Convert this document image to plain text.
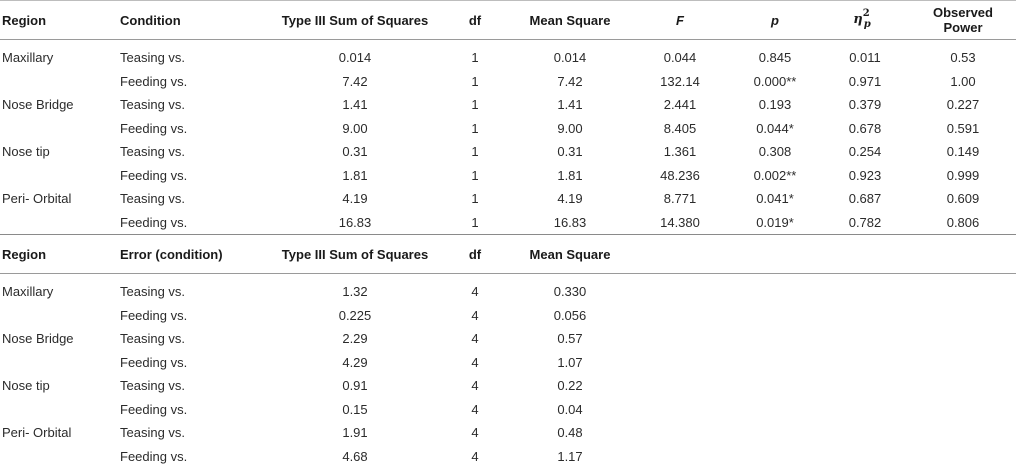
Region	Condition	Type III Sum of Squares	df	Mean Square	F	p	$\eta^2_p$	Observed Power

Maxillary	Teasing vs.	0.014	1	0.014	0.044	0.845	0.011	0.53
	Feeding vs.	7.42	1	7.42	132.14	0.000**	0.971	1.00
Nose Bridge	Teasing vs.	1.41	1	1.41	2.441	0.193	0.379	0.227
	Feeding vs.	9.00	1	9.00	8.405	0.044*	0.678	0.591
Nose tip	Teasing vs.	0.31	1	0.31	1.361	0.308	0.254	0.149
	Feeding vs.	1.81	1	1.81	48.236	0.002**	0.923	0.999
Peri- Orbital	Teasing vs.	4.19	1	4.19	8.771	0.041*	0.687	0.609
	Feeding vs.	16.83	1	16.83	14.380	0.019*	0.782	0.806
Region	Error (condition)	Type III Sum of Squares	df	Mean Square				

Maxillary	Teasing vs.	1.32	4	0.330				
	Feeding vs.	0.225	4	0.056				
Nose Bridge	Teasing vs.	2.29	4	0.57				
	Feeding vs.	4.29	4	1.07				
Nose tip	Teasing vs.	0.91	4	0.22				
	Feeding vs.	0.15	4	0.04				
Peri- Orbital	Teasing vs.	1.91	4	0.48				
	Feeding vs.	4.68	4	1.17				
